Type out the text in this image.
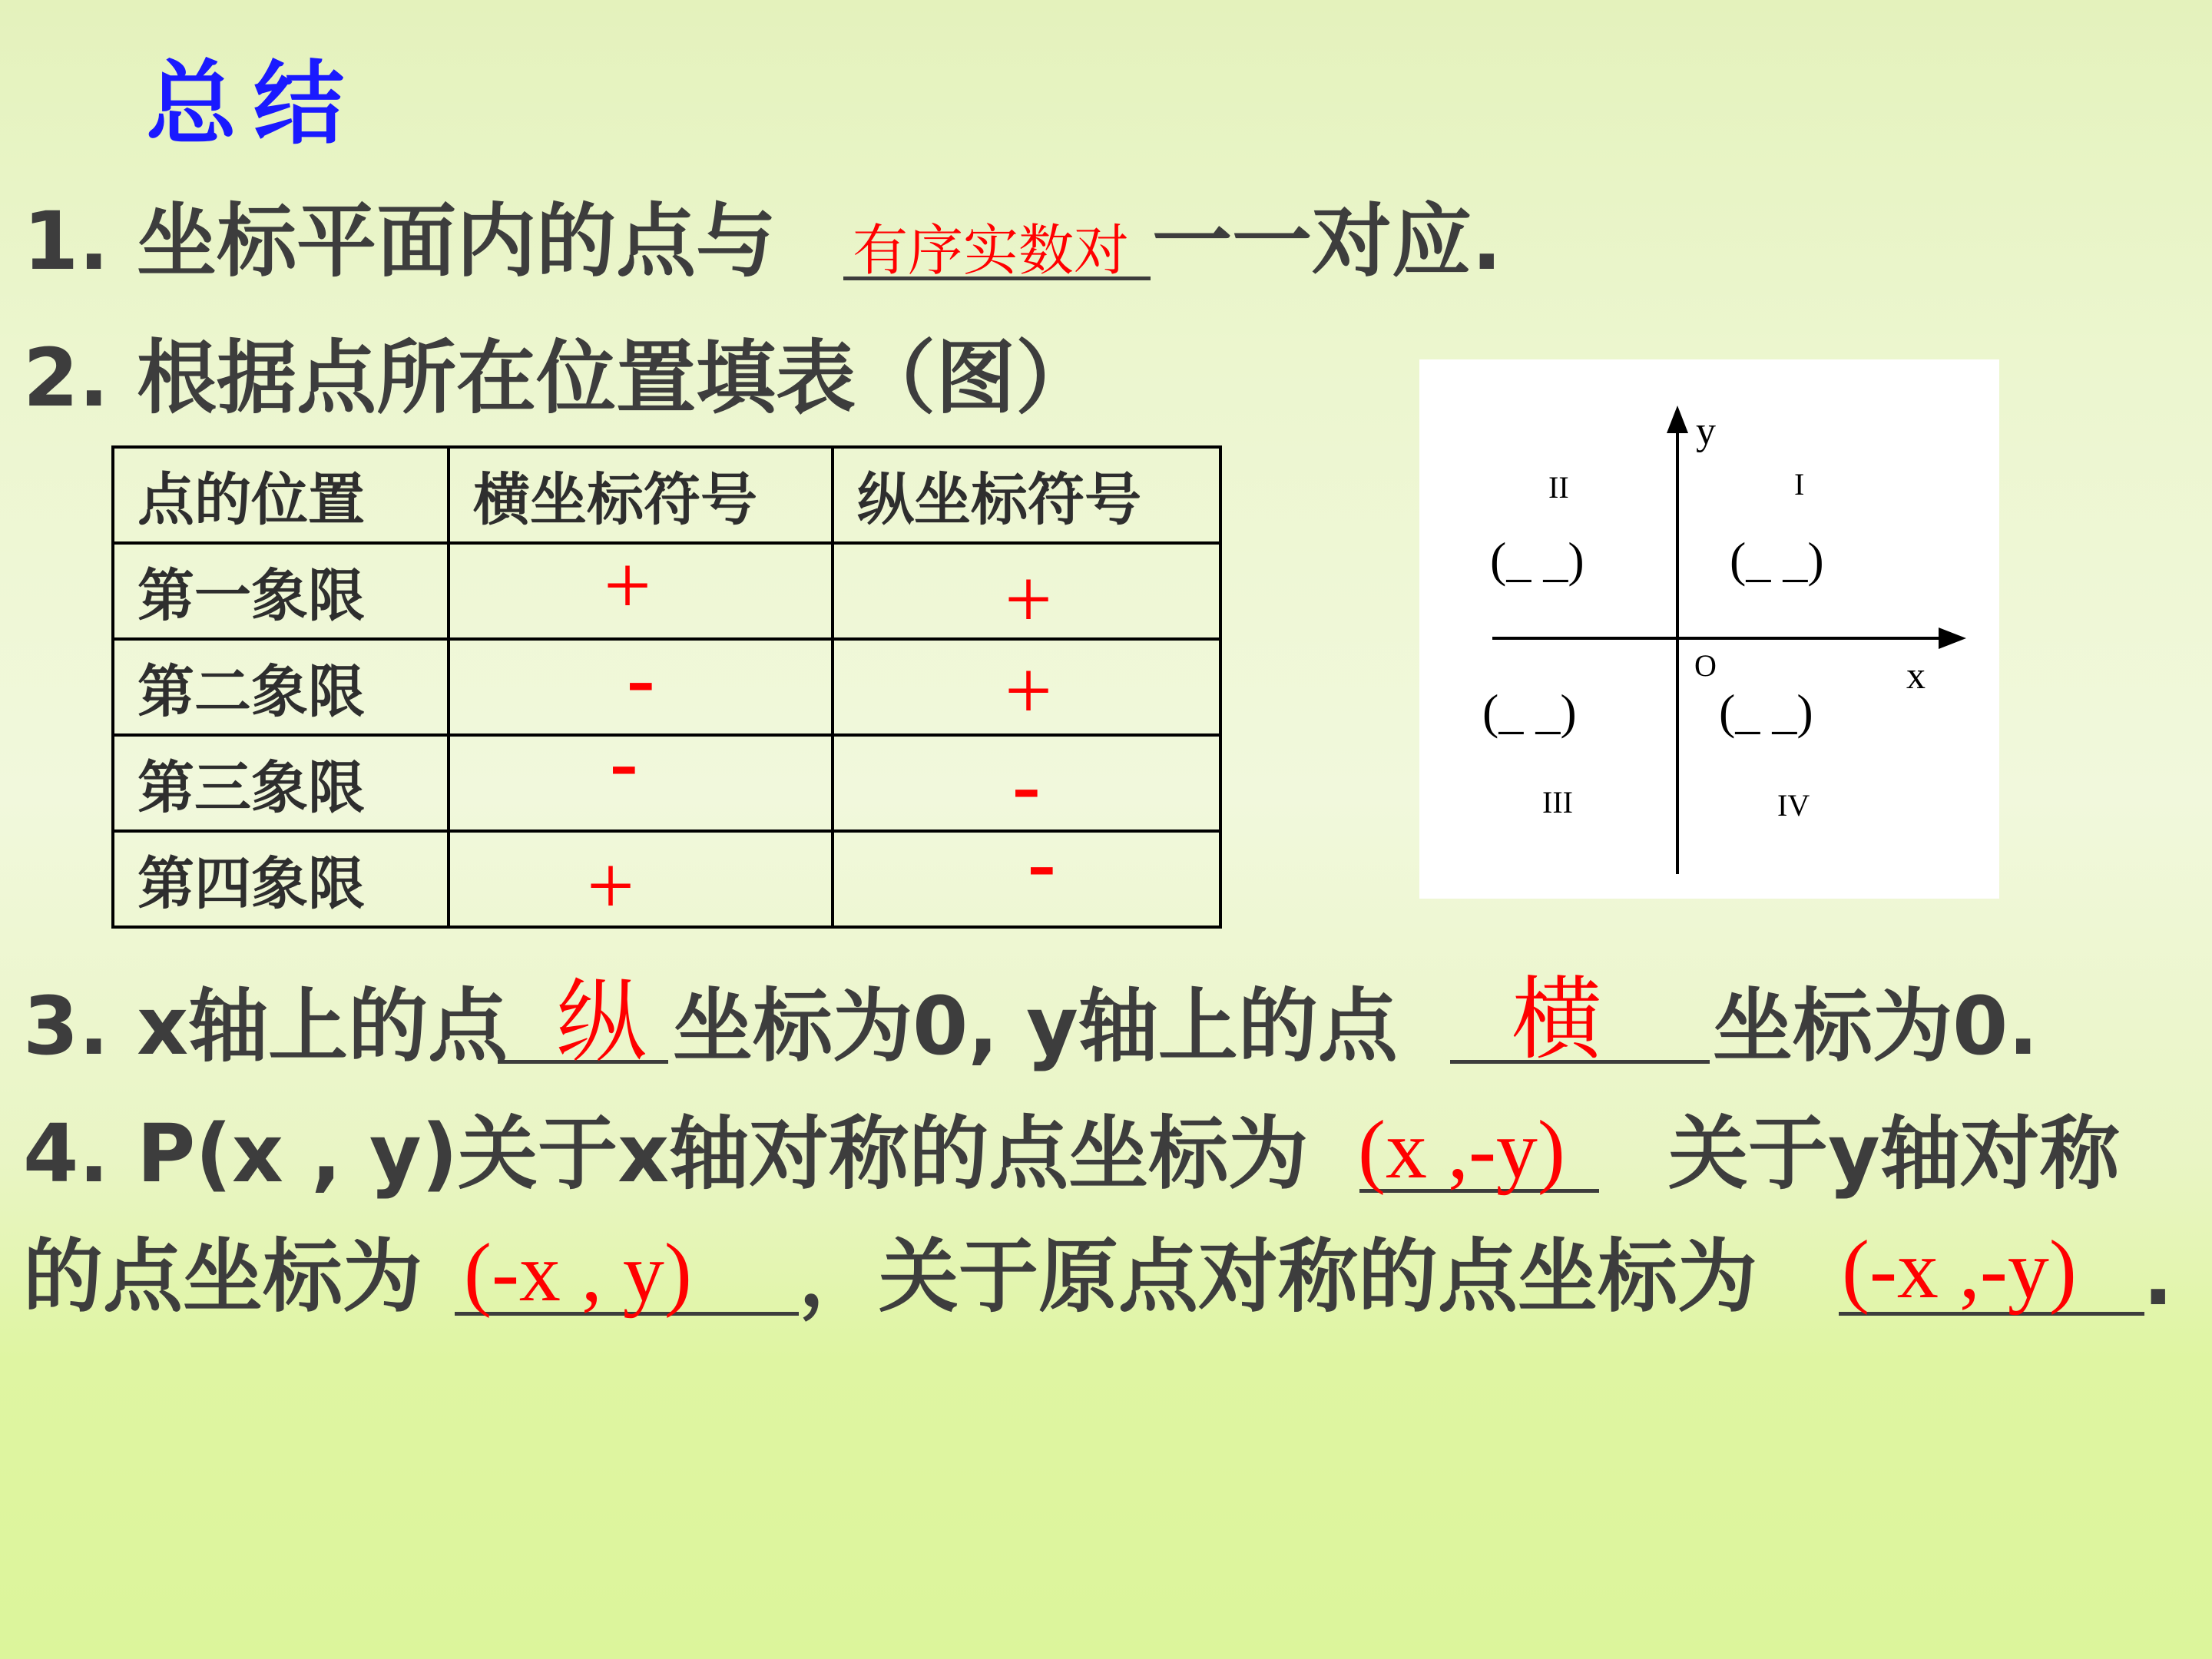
总结
1. 坐标平面内的点与 有序实数对 一一对应.
2. 根据点所在位置填表（图）
点的位置	横坐标符号	纵坐标符号
第一象限	+	+

第二象限	-	+

第三象限	-	-

第四象限	+	-
y
x
O
II	I
III	IV
(_ _)	(_ _)
(_ _)	(_ _)
3. x轴上的点 纵 坐标为0, y轴上的点 横 坐标为0.
4. P(x , y)关于x轴对称的点坐标为 (x ,-y) 关于y轴对称
的点坐标为 (-x , y) ，关于原点对称的点坐标为 (-x ,-y) .
